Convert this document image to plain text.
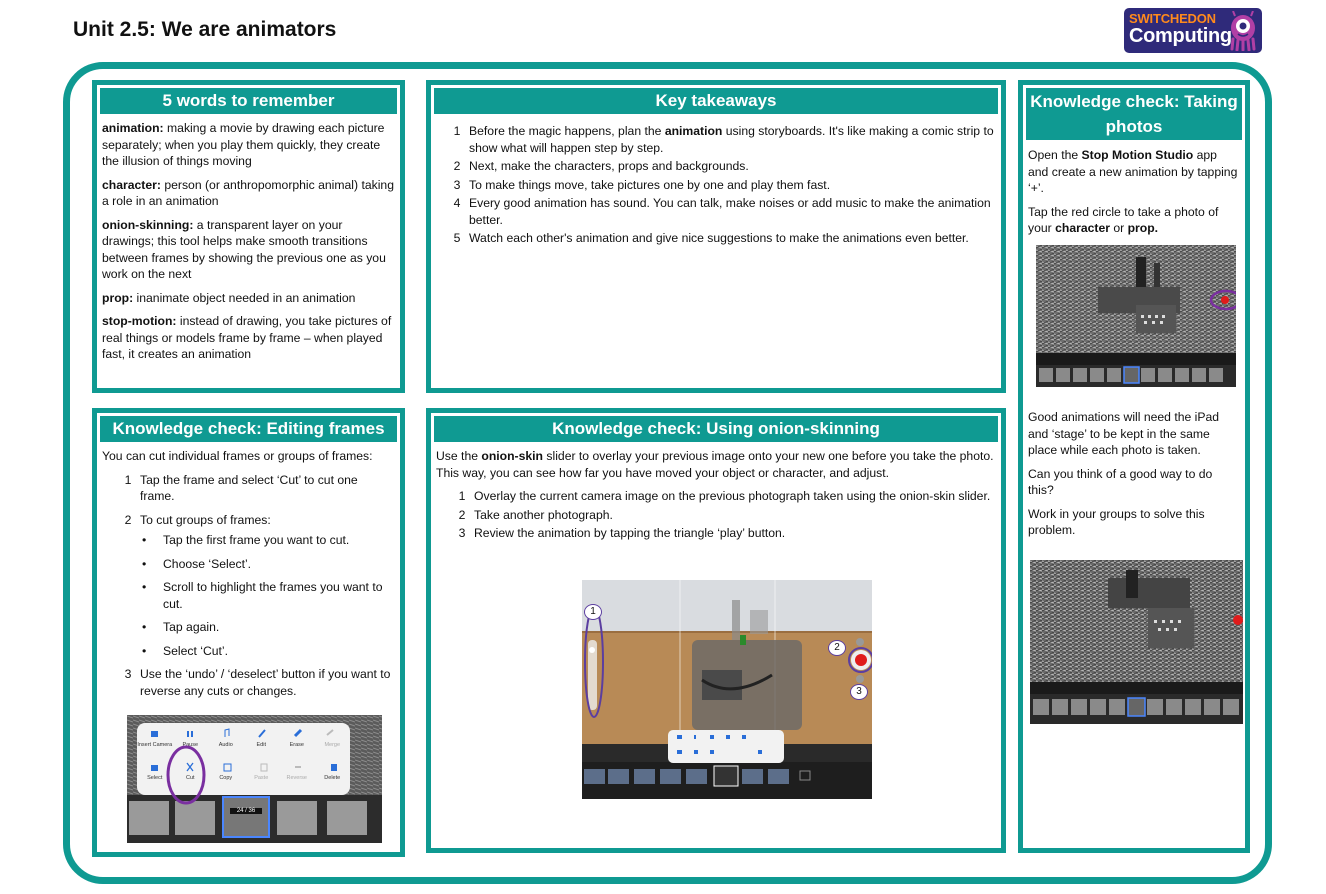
Unit 2.5: We are animators	SWITCHEDON
Computing
5 words to remember

animation: making a movie by drawing each picture separately; when you play them quickly, they create the illusion of things moving

character: person (or anthropomorphic animal) taking a role in an animation

onion-skinning: a transparent layer on your drawings; this tool helps make smooth transitions between frames by showing the previous one as you work on the next

prop: inanimate object needed in an animation

stop-motion: instead of drawing, you take pictures of real things or models frame by frame – when played fast, it creates an animation

Key takeaways
1 Before the magic happens, plan the animation using storyboards. It's like making a comic strip to show what will happen step by step.
2 Next, make the characters, props and backgrounds.
3 To make things move, take pictures one by one and play them fast.
4 Every good animation has sound. You can talk, make noises or add music to make the animation better.
5 Watch each other's animation and give nice suggestions to make the animations even better.
Knowledge check: Taking photos

Open the Stop Motion Studio app and create a new animation by tapping ‘+’.

Tap the red circle to take a photo of your character or prop.

Good animations will need the iPad and ‘stage’ to be kept in the same place while each photo is taken.

Can you think of a good way to do this?

Work in your groups to solve this problem.

Knowledge check: Editing frames

You can cut individual frames or groups of frames:

1 Tap the frame and select ‘Cut’ to cut one frame.
2 To cut groups of frames:
•	Tap the first frame you want to cut.
•	Choose ‘Select’.
•	Scroll to highlight the frames you want to cut.
•	Tap again.
•	Select ‘Cut’.
3 Use the ‘undo’ / ‘deselect’ button if you want to reverse any cuts or changes.
Insert Camera	Pause	Audio	Edit	Erase	Merge
Select	Cut	Copy	Paste	Reverse	Delete
24 / 36
Knowledge check: Using onion-skinning

Use the onion-skin slider to overlay your previous image onto your new one before you take the photo. This way, you can see how far you have moved your object or character, and adjust.

1 Overlay the current camera image on the previous photograph taken using the onion-skin slider.
2 Take another photograph.
3 Review the animation by tapping the triangle ‘play’ button.
1
2
3
